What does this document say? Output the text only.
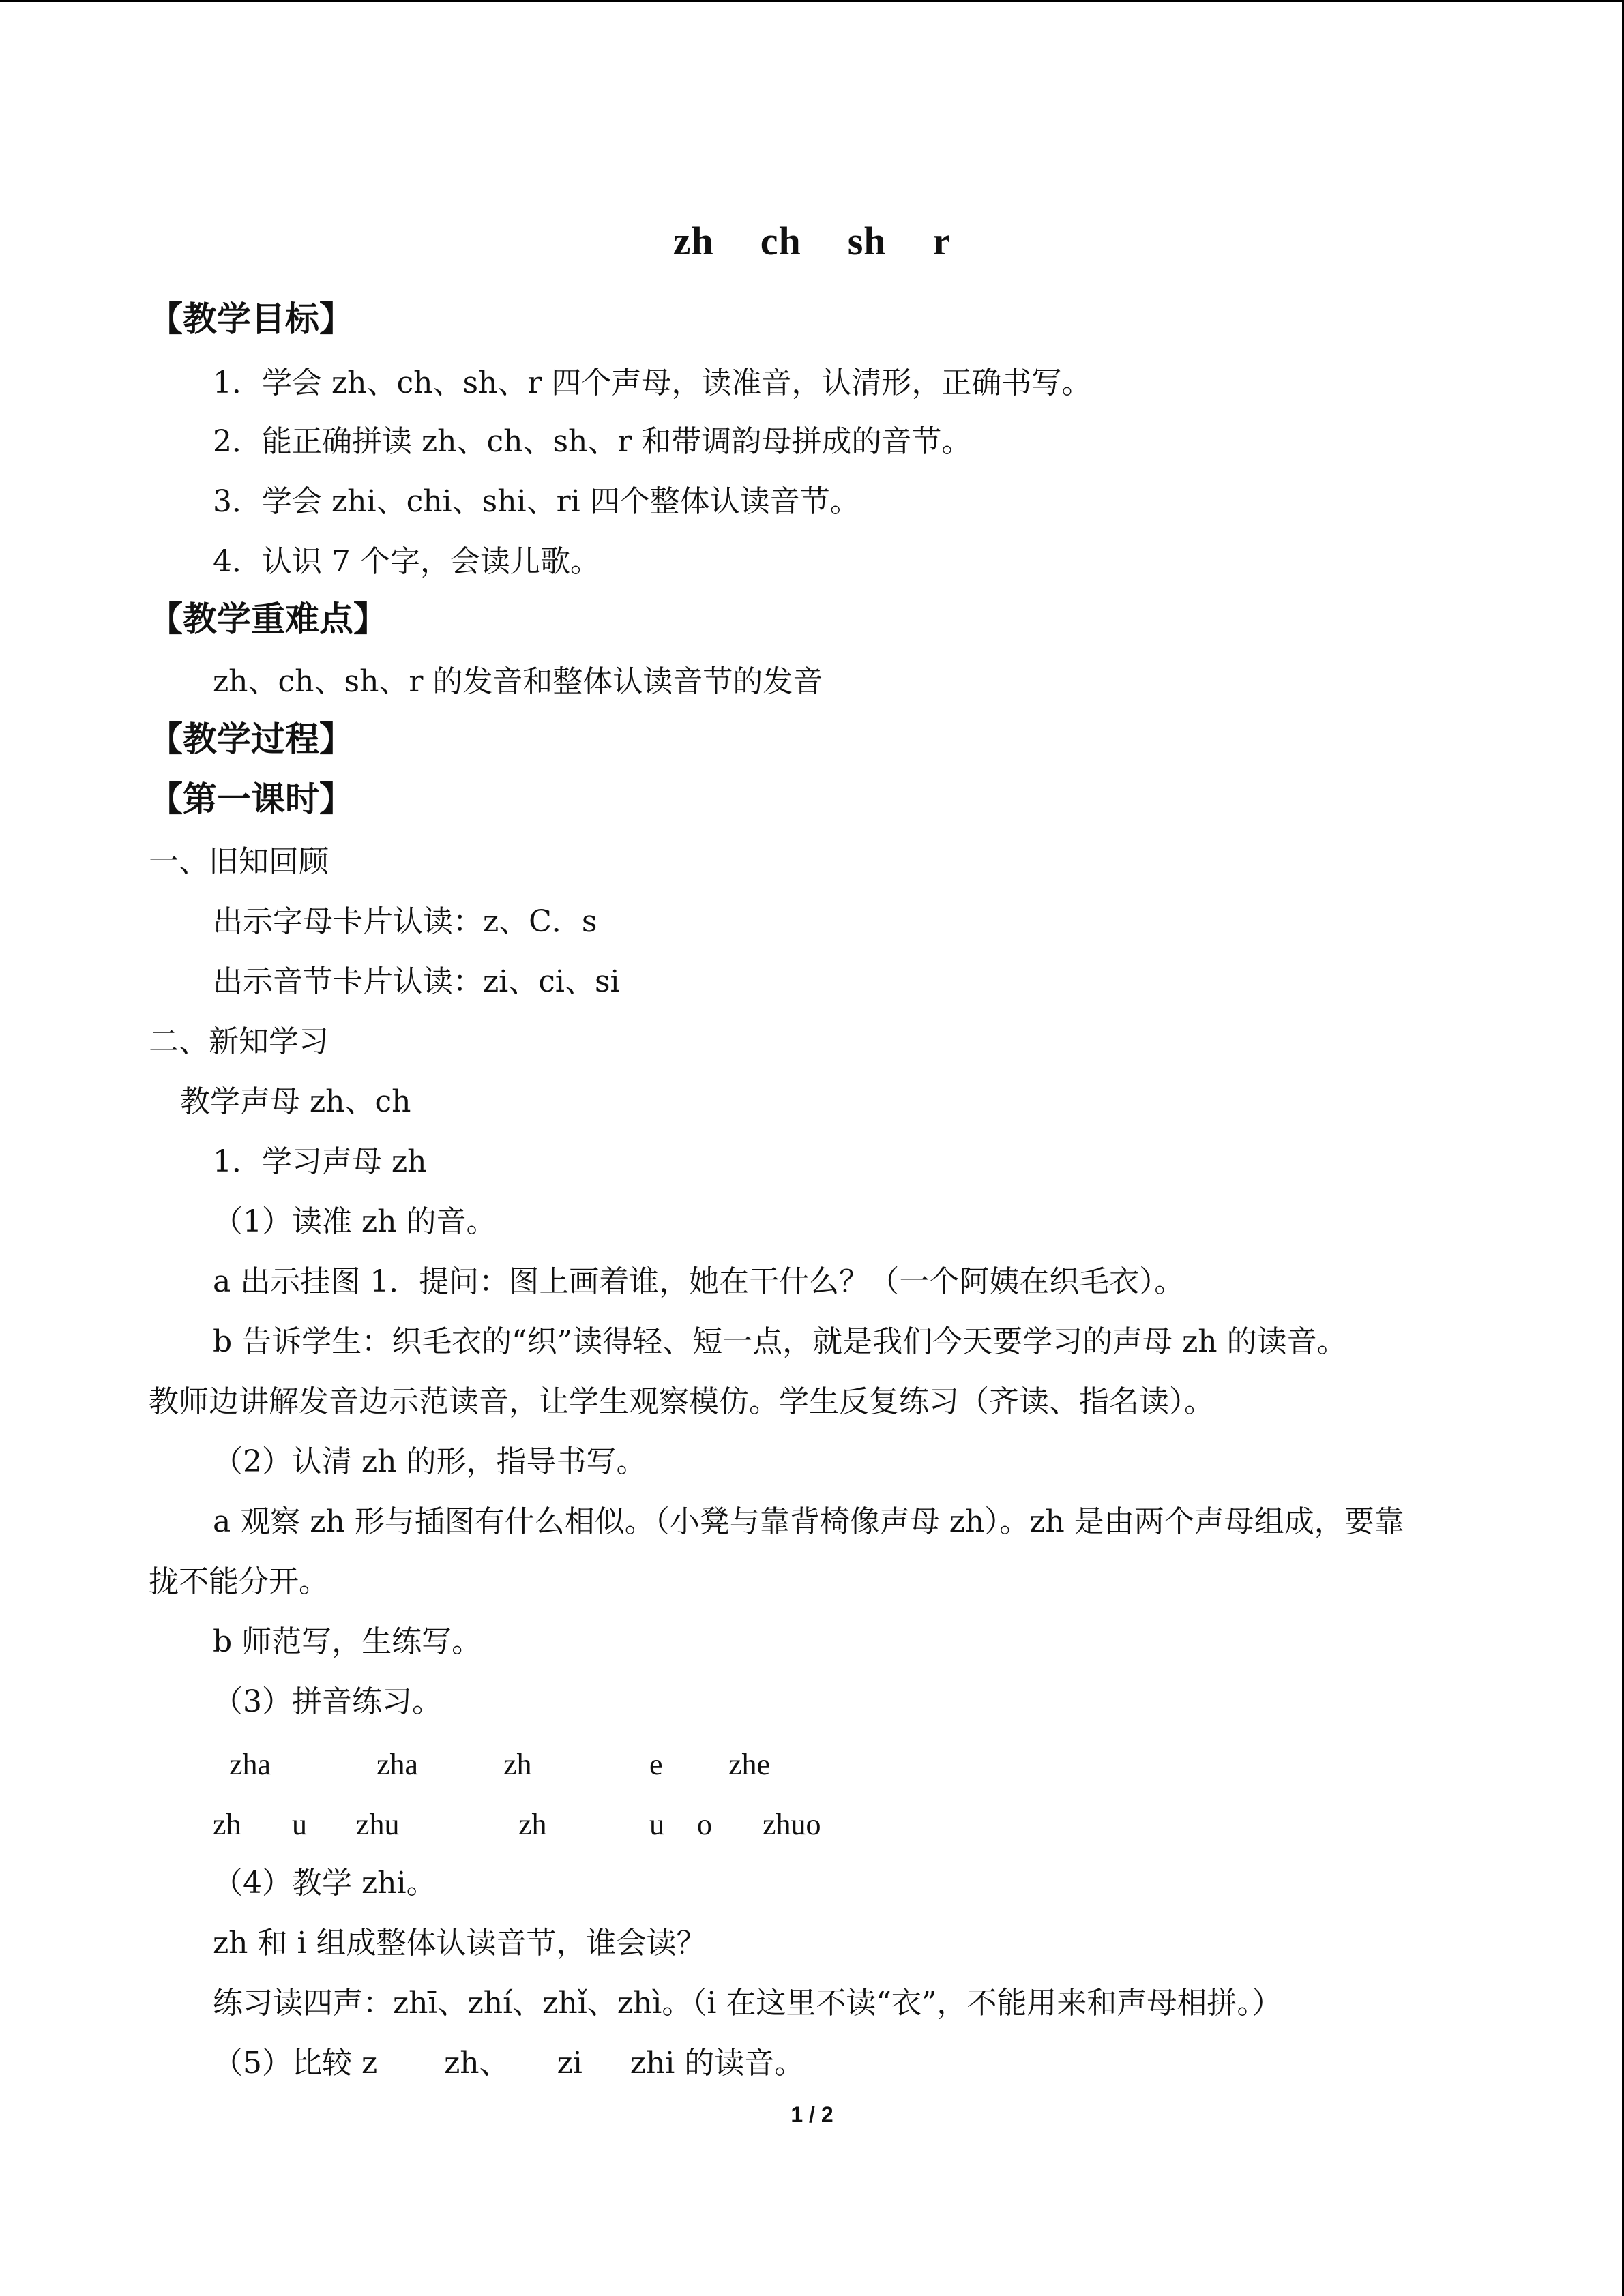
zh ch sh r
【教学目标】
1．学会 zh、ch、sh、r 四个声母，读准音，认清形，正确书写。
2．能正确拼读 zh、ch、sh、r 和带调韵母拼成的音节。
3．学会 zhi、chi、shi、ri 四个整体认读音节。
4．认识 7 个字，会读儿歌。
【教学重难点】
zh、ch、sh、r 的发音和整体认读音节的发音
【教学过程】
【第一课时】
一、旧知回顾
出示字母卡片认读：z、C．s
出示音节卡片认读：zi、ci、si
二、新知学习
教学声母 zh、ch
1．学习声母 zh
（1）读准 zh 的音。
a 出示挂图 1．提问：图上画着谁，她在干什么？（一个阿姨在织毛衣）。
b 告诉学生：织毛衣的“织”读得轻、短一点，就是我们今天要学习的声母 zh 的读音。
教师边讲解发音边示范读音，让学生观察模仿。学生反复练习（齐读、指名读）。
（2）认清 zh 的形，指导书写。
a 观察 zh 形与插图有什么相似。（小凳与靠背椅像声母 zh）。zh 是由两个声母组成，要靠
拢不能分开。
b 师范写，生练写。
（3）拼音练习。
zha	zha	zh	e zhe
zh u zhu	zh	u o zhuo
（4）教学 zhi。
zh 和 i 组成整体认读音节，谁会读？
练习读四声：zhī、zhí、zhǐ、zhì。（i 在这里不读“衣”，不能用来和声母相拼。）
（5）比较 z       zh、     zi     zhi 的读音。
1 / 2
